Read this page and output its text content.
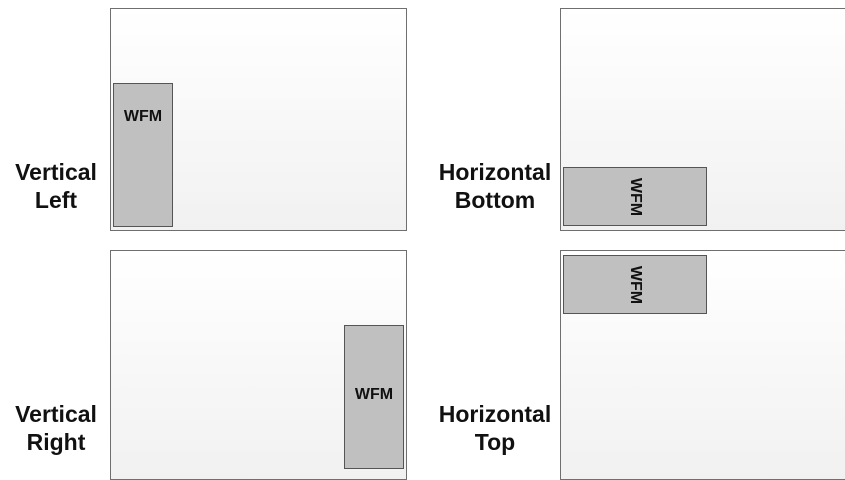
Vertical
Left
WFM
Horizontal
Bottom	WFM
Vertical
Right
WFM
Horizontal
Top
WFM
